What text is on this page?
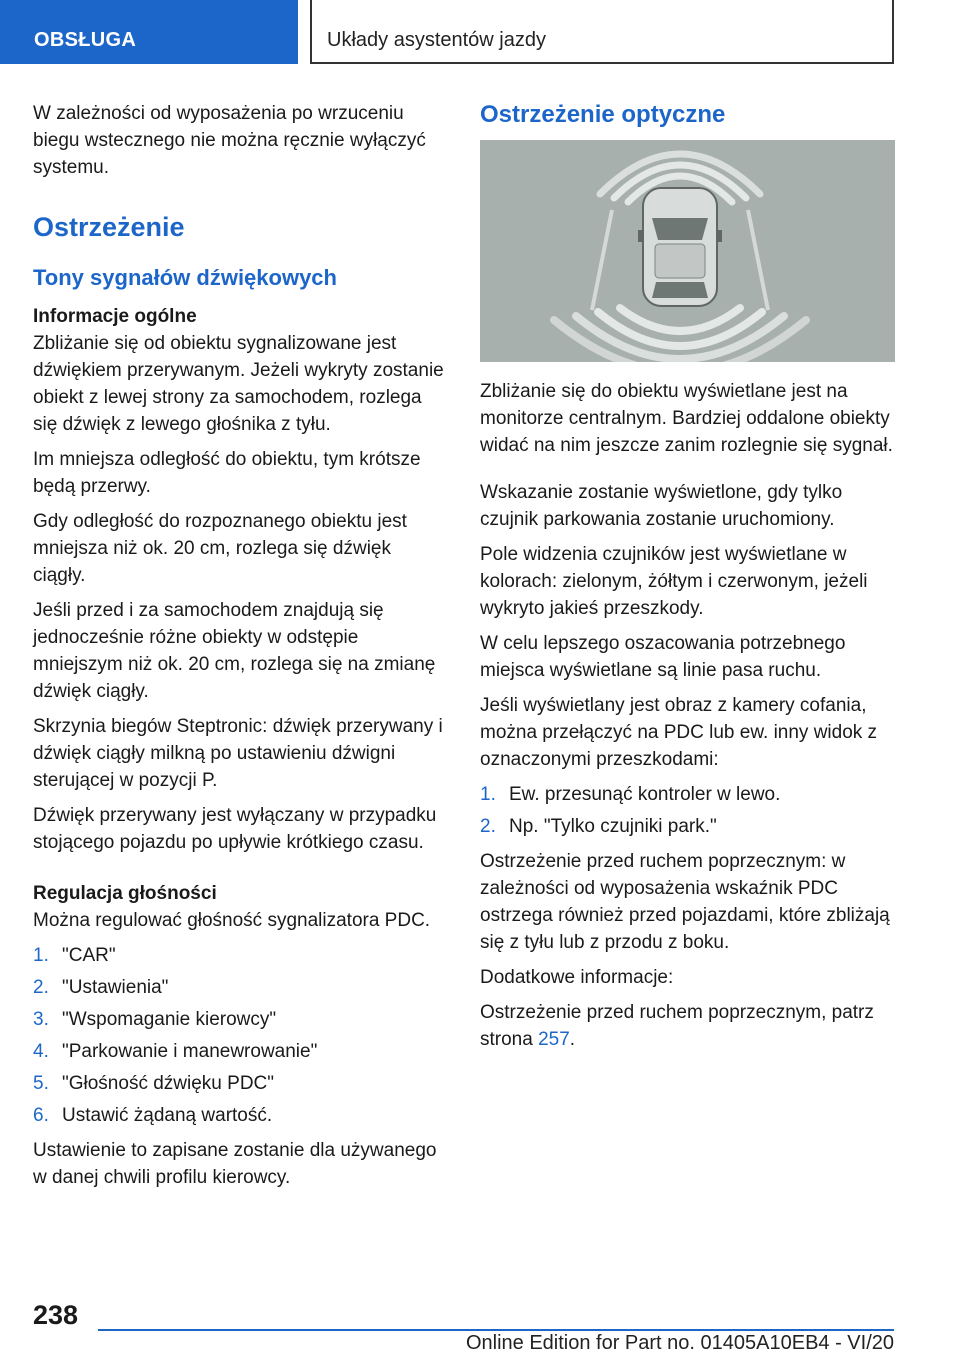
OBSŁUGA	Układy asystentów jazdy

W zależności od wyposażenia po wrzuceniu biegu wstecznego nie można ręcznie wyłączyć systemu.

Ostrzeżenie
Tony sygnałów dźwiękowych
Informacje ogólne

Zbliżanie się od obiektu sygnalizowane jest dźwiękiem przerywanym. Jeżeli wykryty zostanie obiekt z lewej strony za samochodem, rozlega się dźwięk z lewego głośnika z tyłu.

Im mniejsza odległość do obiektu, tym krótsze będą przerwy.

Gdy odległość do rozpoznanego obiektu jest mniejsza niż ok. 20 cm, rozlega się dźwięk ciągły.

Jeśli przed i za samochodem znajdują się jednocześnie różne obiekty w odstępie mniejszym niż ok. 20 cm, rozlega się na zmianę dźwięk ciągły.

Skrzynia biegów Steptronic: dźwięk przerywany i dźwięk ciągły milkną po ustawieniu dźwigni sterującej w pozycji P.

Dźwięk przerywany jest wyłączany w przypadku stojącego pojazdu po upływie krótkiego czasu.

Regulacja głośności

Można regulować głośność sygnalizatora PDC.

1. "CAR"
2. "Ustawienia"
3. "Wspomaganie kierowcy"
4. "Parkowanie i manewrowanie"
5. "Głośność dźwięku PDC"
6. Ustawić żądaną wartość.

Ustawienie to zapisane zostanie dla używanego w danej chwili profilu kierowcy.

Ostrzeżenie optyczne

Zbliżanie się do obiektu wyświetlane jest na monitorze centralnym. Bardziej oddalone obiekty widać na nim jeszcze zanim rozlegnie się sygnał.

Wskazanie zostanie wyświetlone, gdy tylko czujnik parkowania zostanie uruchomiony.

Pole widzenia czujników jest wyświetlane w kolorach: zielonym, żółtym i czerwonym, jeżeli wykryto jakieś przeszkody.

W celu lepszego oszacowania potrzebnego miejsca wyświetlane są linie pasa ruchu.

Jeśli wyświetlany jest obraz z kamery cofania, można przełączyć na PDC lub ew. inny widok z oznaczonymi przeszkodami:

1. Ew. przesunąć kontroler w lewo.
2. Np. "Tylko czujniki park."

Ostrzeżenie przed ruchem poprzecznym: w zależności od wyposażenia wskaźnik PDC ostrzega również przed pojazdami, które zbliżają się z tyłu lub z przodu z boku.

Dodatkowe informacje:

Ostrzeżenie przed ruchem poprzecznym, patrz strona 257.

238
Online Edition for Part no. 01405A10EB4 - VI/20
